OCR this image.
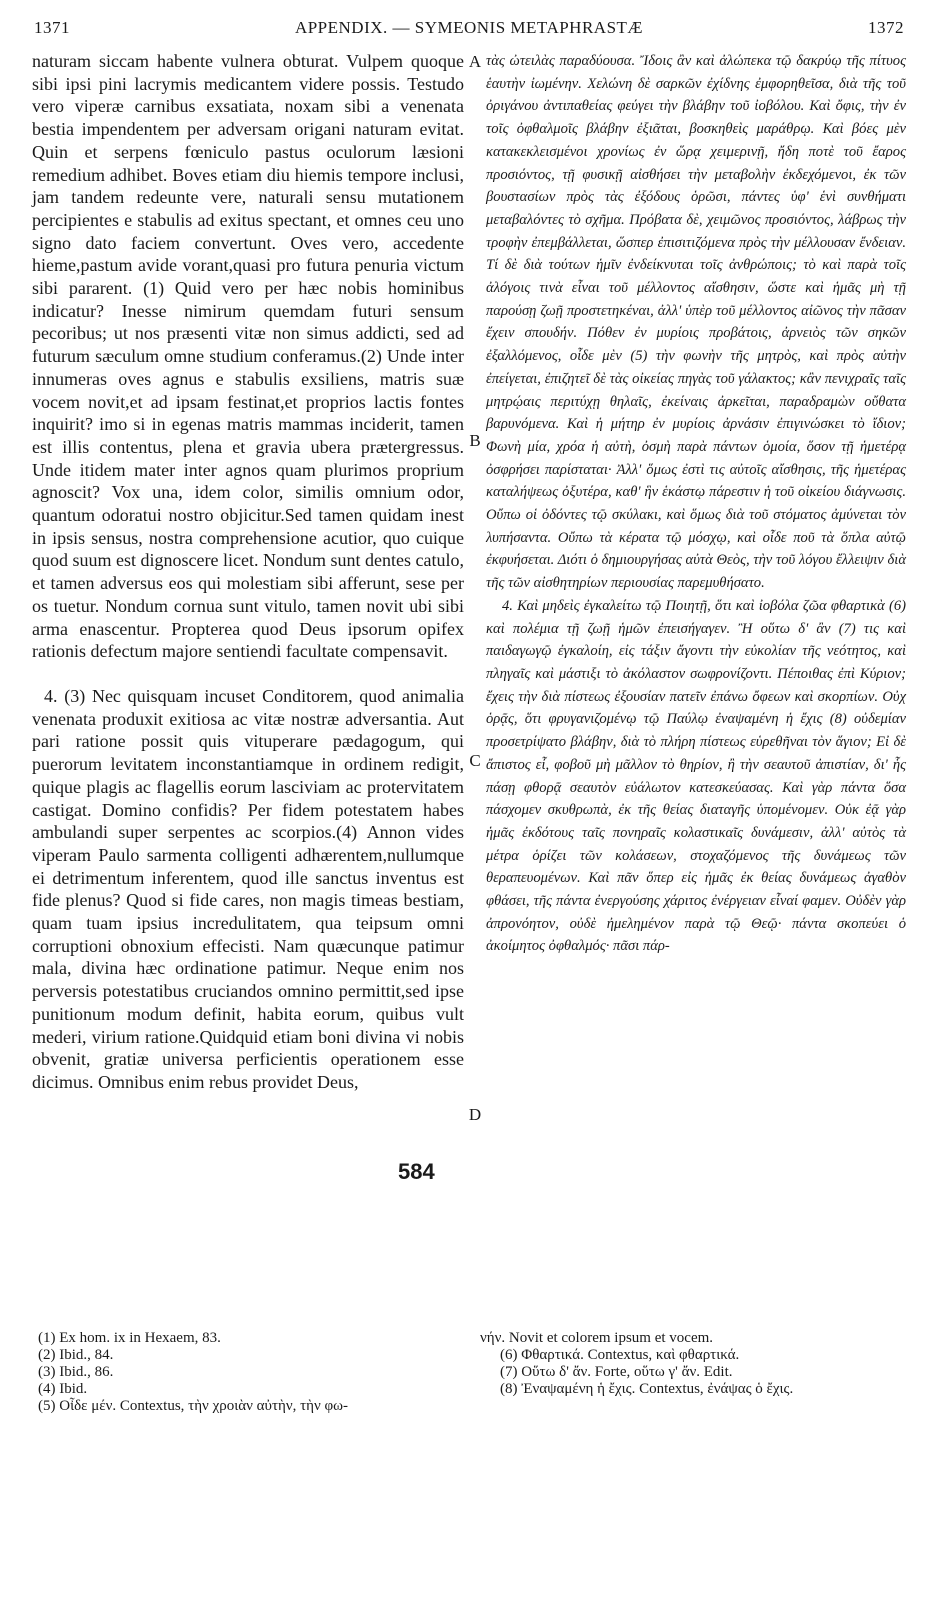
1371	APPENDIX. — SYMEONIS METAPHRASTÆ	1372

naturam siccam habente vulnera obturat. Vulpem quoque sibi ipsi pini lacrymis medicantem videre possis. Testudo vero viperæ carnibus exsatiata, noxam sibi a venenata bestia impendentem per adversam origani naturam evitat. Quin et serpens fœniculo pastus oculorum læsioni remedium adhibet. Boves etiam diu hiemis tempore inclusi, jam tandem redeunte vere, naturali sensu mutationem percipientes e stabulis ad exitus spectant, et omnes ceu uno signo dato faciem convertunt. Oves vero, accedente hieme,pastum avide vorant,quasi pro futura penuria victum sibi pararent. (1) Quid vero per hæc nobis hominibus indicatur? Inesse nimirum quemdam futuri sensum pecoribus; ut nos præsenti vitæ non simus addicti, sed ad futurum sæculum omne studium conferamus.(2) Unde inter innumeras oves agnus e stabulis exsiliens, matris suæ vocem novit,et ad ipsam festinat,et proprios lactis fontes inquirit? imo si in egenas matris mammas inciderit, tamen est illis contentus, plena et gravia ubera prætergressus. Unde itidem mater inter agnos quam plurimos proprium agnoscit? Vox una, idem color, similis omnium odor, quantum odoratui nostro objicitur.Sed tamen quidam inest in ipsis sensus, nostra comprehensione acutior, quo cuique quod suum est dignoscere licet. Nondum sunt dentes catulo, et tamen adversus eos qui molestiam sibi afferunt, sese per os tuetur. Nondum cornua sunt vitulo, tamen novit ubi sibi arma enascentur. Propterea quod Deus ipsorum opifex rationis defectum majore sentiendi facultate compensavit.

4. (3) Nec quisquam incuset Conditorem, quod animalia venenata produxit exitiosa ac vitæ nostræ adversantia. Aut pari ratione possit quis vituperare pædagogum, qui puerorum levitatem inconstantiamque in ordinem redigit, quique plagis ac flagellis eorum lasciviam ac protervitatem castigat. Domino confidis? Per fidem potestatem habes ambulandi super serpentes ac scorpios.(4) Annon vides viperam Paulo sarmenta colligenti adhærentem,nullumque ei detrimentum inferentem, quod ille sanctus inventus est fide plenus? Quod si fide cares, non magis timeas bestiam, quam tuam ipsius incredulitatem, qua teipsum omni corruptioni obnoxium effecisti. Nam quæcunque patimur mala, divina hæc ordinatione patimur. Neque enim nos perversis potestatibus cruciandos omnino permittit,sed ipse punitionum modum definit, habita eorum, quibus vult mederi, virium ratione.Quidquid etiam boni divina vi nobis obvenit, gratiæ universa perficientis operationem esse dicimus. Omnibus enim rebus providet Deus,

A
B
C
D
584

τὰς ὠτειλὰς παραδύουσα. Ἴδοις ἂν καὶ ἀλώπεκα τῷ δακρύῳ τῆς πίτυος ἑαυτὴν ἰωμένην. Χελώνη δὲ σαρκῶν ἐχίδνης ἐμφορηθεῖσα, διὰ τῆς τοῦ ὀριγάνου ἀντιπαθείας φεύγει τὴν βλάβην τοῦ ἰοβόλου. Καὶ ὄφις, τὴν ἐν τοῖς ὀφθαλμοῖς βλάβην ἐξιᾶται, βοσκηθεὶς μαράθρῳ. Καὶ βόες μὲν κατακεκλεισμένοι χρονίως ἐν ὥρᾳ χειμερινῇ, ἤδη ποτὲ τοῦ ἔαρος προσιόντος, τῇ φυσικῇ αἰσθήσει τὴν μεταβολὴν ἐκδεχόμενοι, ἐκ τῶν βουστασίων πρὸς τὰς ἐξόδους ὁρῶσι, πάντες ὑφ' ἑνὶ συνθήματι μεταβαλόντες τὸ σχῆμα. Πρόβατα δὲ, χειμῶνος προσιόντος, λάβρως τὴν τροφὴν ἐπεμβάλλεται, ὥσπερ ἐπισιτιζόμενα πρὸς τὴν μέλλουσαν ἔνδειαν. Τί δὲ διὰ τούτων ἡμῖν ἐνδείκνυται τοῖς ἀνθρώποις; τὸ καὶ παρὰ τοῖς ἀλόγοις τινὰ εἶναι τοῦ μέλλοντος αἴσθησιν, ὥστε καὶ ἡμᾶς μὴ τῇ παρούσῃ ζωῇ προστετηκέναι, ἀλλ' ὑπὲρ τοῦ μέλλοντος αἰῶνος τὴν πᾶσαν ἔχειν σπουδήν. Πόθεν ἐν μυρίοις προβάτοις, ἀρνειὸς τῶν σηκῶν ἐξαλλόμενος, οἶδε μὲν (5) τὴν φωνὴν τῆς μητρὸς, καὶ πρὸς αὐτὴν ἐπείγεται, ἐπιζητεῖ δὲ τὰς οἰκείας πηγὰς τοῦ γάλακτος; κἂν πενιχραῖς ταῖς μητρῴαις περιτύχῃ θηλαῖς, ἐκείναις ἀρκεῖται, παραδραμὼν οὔθατα βαρυνόμενα. Καὶ ἡ μήτηρ ἐν μυρίοις ἀρνάσιν ἐπιγινώσκει τὸ ἴδιον; Φωνὴ μία, χρόα ἡ αὐτὴ, ὀσμὴ παρὰ πάντων ὁμοία, ὅσον τῇ ἡμετέρᾳ ὀσφρήσει παρίσταται· Ἀλλ' ὅμως ἐστὶ τις αὐτοῖς αἴσθησις, τῆς ἡμετέρας καταλήψεως ὀξυτέρα, καθ' ἣν ἑκάστῳ πάρεστιν ἡ τοῦ οἰκείου διάγνωσις. Οὔπω οἱ ὀδόντες τῷ σκύλακι, καὶ ὅμως διὰ τοῦ στόματος ἀμύνεται τὸν λυπήσαντα. Οὔπω τὰ κέρατα τῷ μόσχῳ, καὶ οἶδε ποῦ τὰ ὅπλα αὐτῷ ἐκφυήσεται. Διότι ὁ δημιουργήσας αὐτὰ Θεὸς, τὴν τοῦ λόγου ἔλλειψιν διὰ τῆς τῶν αἰσθητηρίων περιουσίας παρεμυθήσατο.

4. Καὶ μηδεὶς ἐγκαλείτω τῷ Ποιητῇ, ὅτι καὶ ἰοβόλα ζῶα φθαρτικὰ (6) καὶ πολέμια τῇ ζωῇ ἡμῶν ἐπεισήγαγεν. Ἢ οὕτω δ' ἂν (7) τις καὶ παιδαγωγῷ ἐγκαλοίη, εἰς τάξιν ἄγοντι τὴν εὐκολίαν τῆς νεότητος, καὶ πληγαῖς καὶ μάστιξι τὸ ἀκόλαστον σωφρονίζοντι. Πέποιθας ἐπὶ Κύριον; ἔχεις τὴν διὰ πίστεως ἐξουσίαν πατεῖν ἐπάνω ὄφεων καὶ σκορπίων. Οὐχ ὁρᾷς, ὅτι φρυγανιζομένῳ τῷ Παύλῳ ἐναψαμένη ἡ ἔχις (8) οὐδεμίαν προσετρίψατο βλάβην, διὰ τὸ πλήρη πίστεως εὑρεθῆναι τὸν ἅγιον; Εἰ δὲ ἄπιστος εἶ, φοβοῦ μὴ μᾶλλον τὸ θηρίον, ἢ τὴν σεαυτοῦ ἀπιστίαν, δι' ἧς πάσῃ φθορᾷ σεαυτὸν εὐάλωτον κατεσκεύασας. Καὶ γὰρ πάντα ὅσα πάσχομεν σκυθρωπὰ, ἐκ τῆς θείας διαταγῆς ὑπομένομεν. Οὐκ ἐᾷ γὰρ ἡμᾶς ἐκδότους ταῖς πονηραῖς κολαστικαῖς δυνάμεσιν, ἀλλ' αὐτὸς τὰ μέτρα ὁρίζει τῶν κολάσεων, στοχαζόμενος τῆς δυνάμεως τῶν θεραπευομένων. Καὶ πᾶν ὅπερ εἰς ἡμᾶς ἐκ θείας δυνάμεως ἀγαθὸν φθάσει, τῆς πάντα ἐνεργούσης χάριτος ἐνέργειαν εἶναί φαμεν. Οὐδὲν γὰρ ἀπρονόητον, οὐδὲ ἠμελημένον παρὰ τῷ Θεῷ· πάντα σκοπεύει ὁ ἀκοίμητος ὀφθαλμός· πᾶσι πάρ-

(1) Ex hom. ix in Hexaem, 83.
(2) Ibid., 84.
(3) Ibid., 86.
(4) Ibid.
(5) Οἶδε μέν. Contextus, τὴν χροιὰν αὐτὴν, τὴν φω-
νήν. Novit et colorem ipsum et vocem.
(6) Φθαρτικά. Contextus, καὶ φθαρτικά.
(7) Οὕτω δ' ἄν. Forte, οὕτω γ' ἄν. Edit.
(8) Ἐναψαμένη ἡ ἔχις. Contextus, ἐνάψας ὁ ἔχις.
